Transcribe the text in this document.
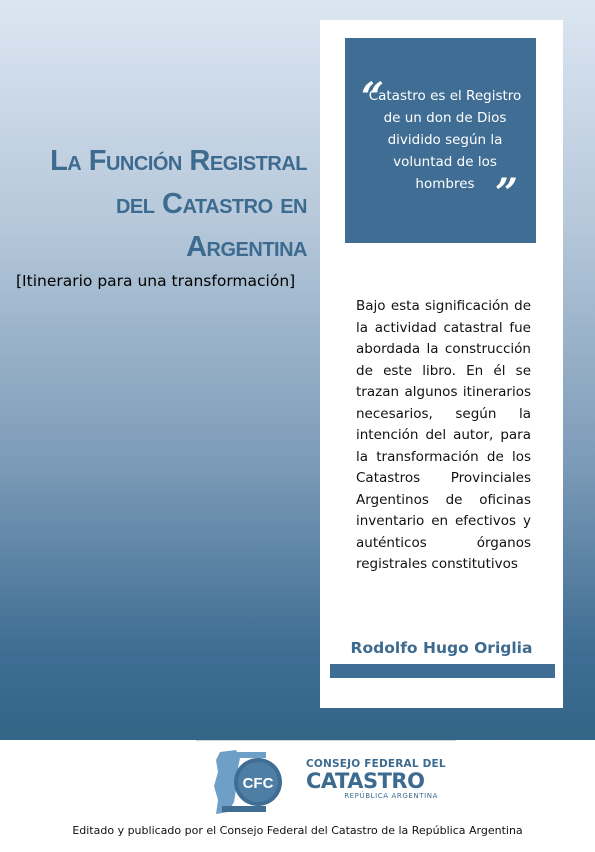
La Función Registral
del Catastro en
Argentina
[Itinerario para una transformación]
“

Catastro es el Registro de un don de Dios dividido según la voluntad de los hombres ”

Bajo esta significación de la actividad catastral fue abordada la construcción de este libro. En él se trazan algunos itinerarios necesarios, según la intención del autor, para la transformación de los Catastros Provinciales Argentinos de oficinas inventario en efectivos y auténticos órganos registrales constitutivos

Rodolfo Hugo Origlia
CFC
CONSEJO FEDERAL DEL
CATASTRO
REPÚBLICA ARGENTINA
Editado y publicado por el Consejo Federal del Catastro de la República Argentina
